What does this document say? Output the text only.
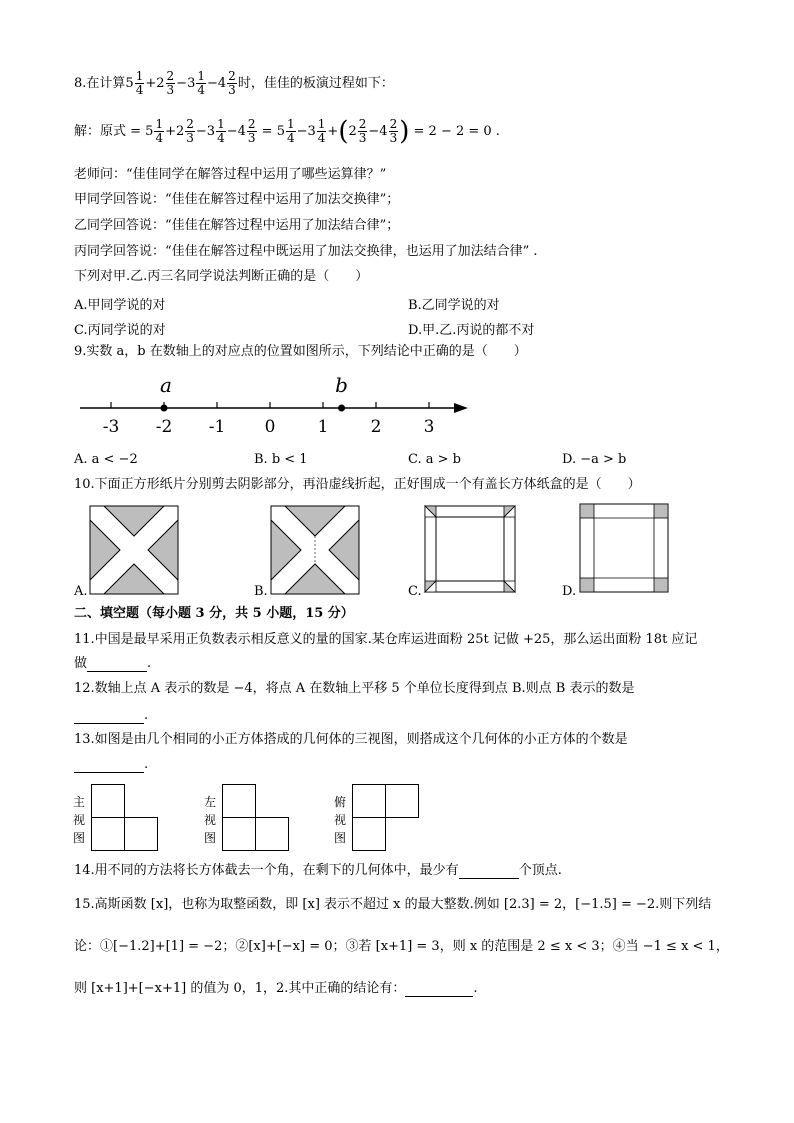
8.在计算$5 \frac{1}{4} +2 \frac{2}{3} -3 \frac{1}{4} -4 \frac{2}{3}$ 时，佳佳的板演过程如下：
解：原式 = $5 \frac{1}{4} +2 \frac{2}{3} -3 \frac{1}{4} -4 \frac{2}{3} = 5 \frac{1}{4} -3 \frac{1}{4} +(2 \frac{2}{3} -4 \frac{2}{3}$ ) = 2 − 2 = 0 .
老师问：“佳佳同学在解答过程中运用了哪些运算律？”
甲同学回答说：“佳佳在解答过程中运用了加法交换律”；
乙同学回答说：“佳佳在解答过程中运用了加法结合律”；
丙同学回答说：“佳佳在解答过程中既运用了加法交换律，也运用了加法结合律” .
下列对甲.乙.丙三名同学说法判断正确的是（　　）
A.甲同学说的对	B.乙同学说的对
C.丙同学说的对	D.甲.乙.丙说的都不对
9.实数 a，b 在数轴上的对应点的位置如图所示，下列结论中正确的是（　　）
-3 -2 -1 0 1 2 3
a	b
A. a < −2	B. b < 1	C. a > b	D. −a > b
10.下面正方形纸片分别剪去阴影部分，再沿虚线折起，正好围成一个有盖长方体纸盒的是（　　）
A.	B.	C.	D.
二、填空题（每小题 3 分，共 5 小题，15 分）
11.中国是最早采用正负数表示相反意义的量的国家.某仓库运进面粉 25t 记做 +25，那么运出面粉 18t 应记
做	.
12.数轴上点 A 表示的数是 −4，将点 A 在数轴上平移 5 个单位长度得到点 B.则点 B 表示的数是
.
13.如图是由几个相同的小正方体搭成的几何体的三视图，则搭成这个几何体的小正方体的个数是
.
主
视
图
左
视
图
俯
视
图
14.用不同的方法将长方体截去一个角，在剩下的几何体中，最少有	个顶点.
15.高斯函数 [x]，也称为取整函数，即 [x] 表示不超过 x 的最大整数.例如 [2.3] = 2，[−1.5] = −2.则下列结
论：①[−1.2]+[1] = −2；②[x]+[−x] = 0；③若 [x+1] = 3，则 x 的范围是 2 ≤ x < 3；④当 −1 ≤ x < 1，
则 [x+1]+[−x+1] 的值为 0，1，2.其中正确的结论有：	.
